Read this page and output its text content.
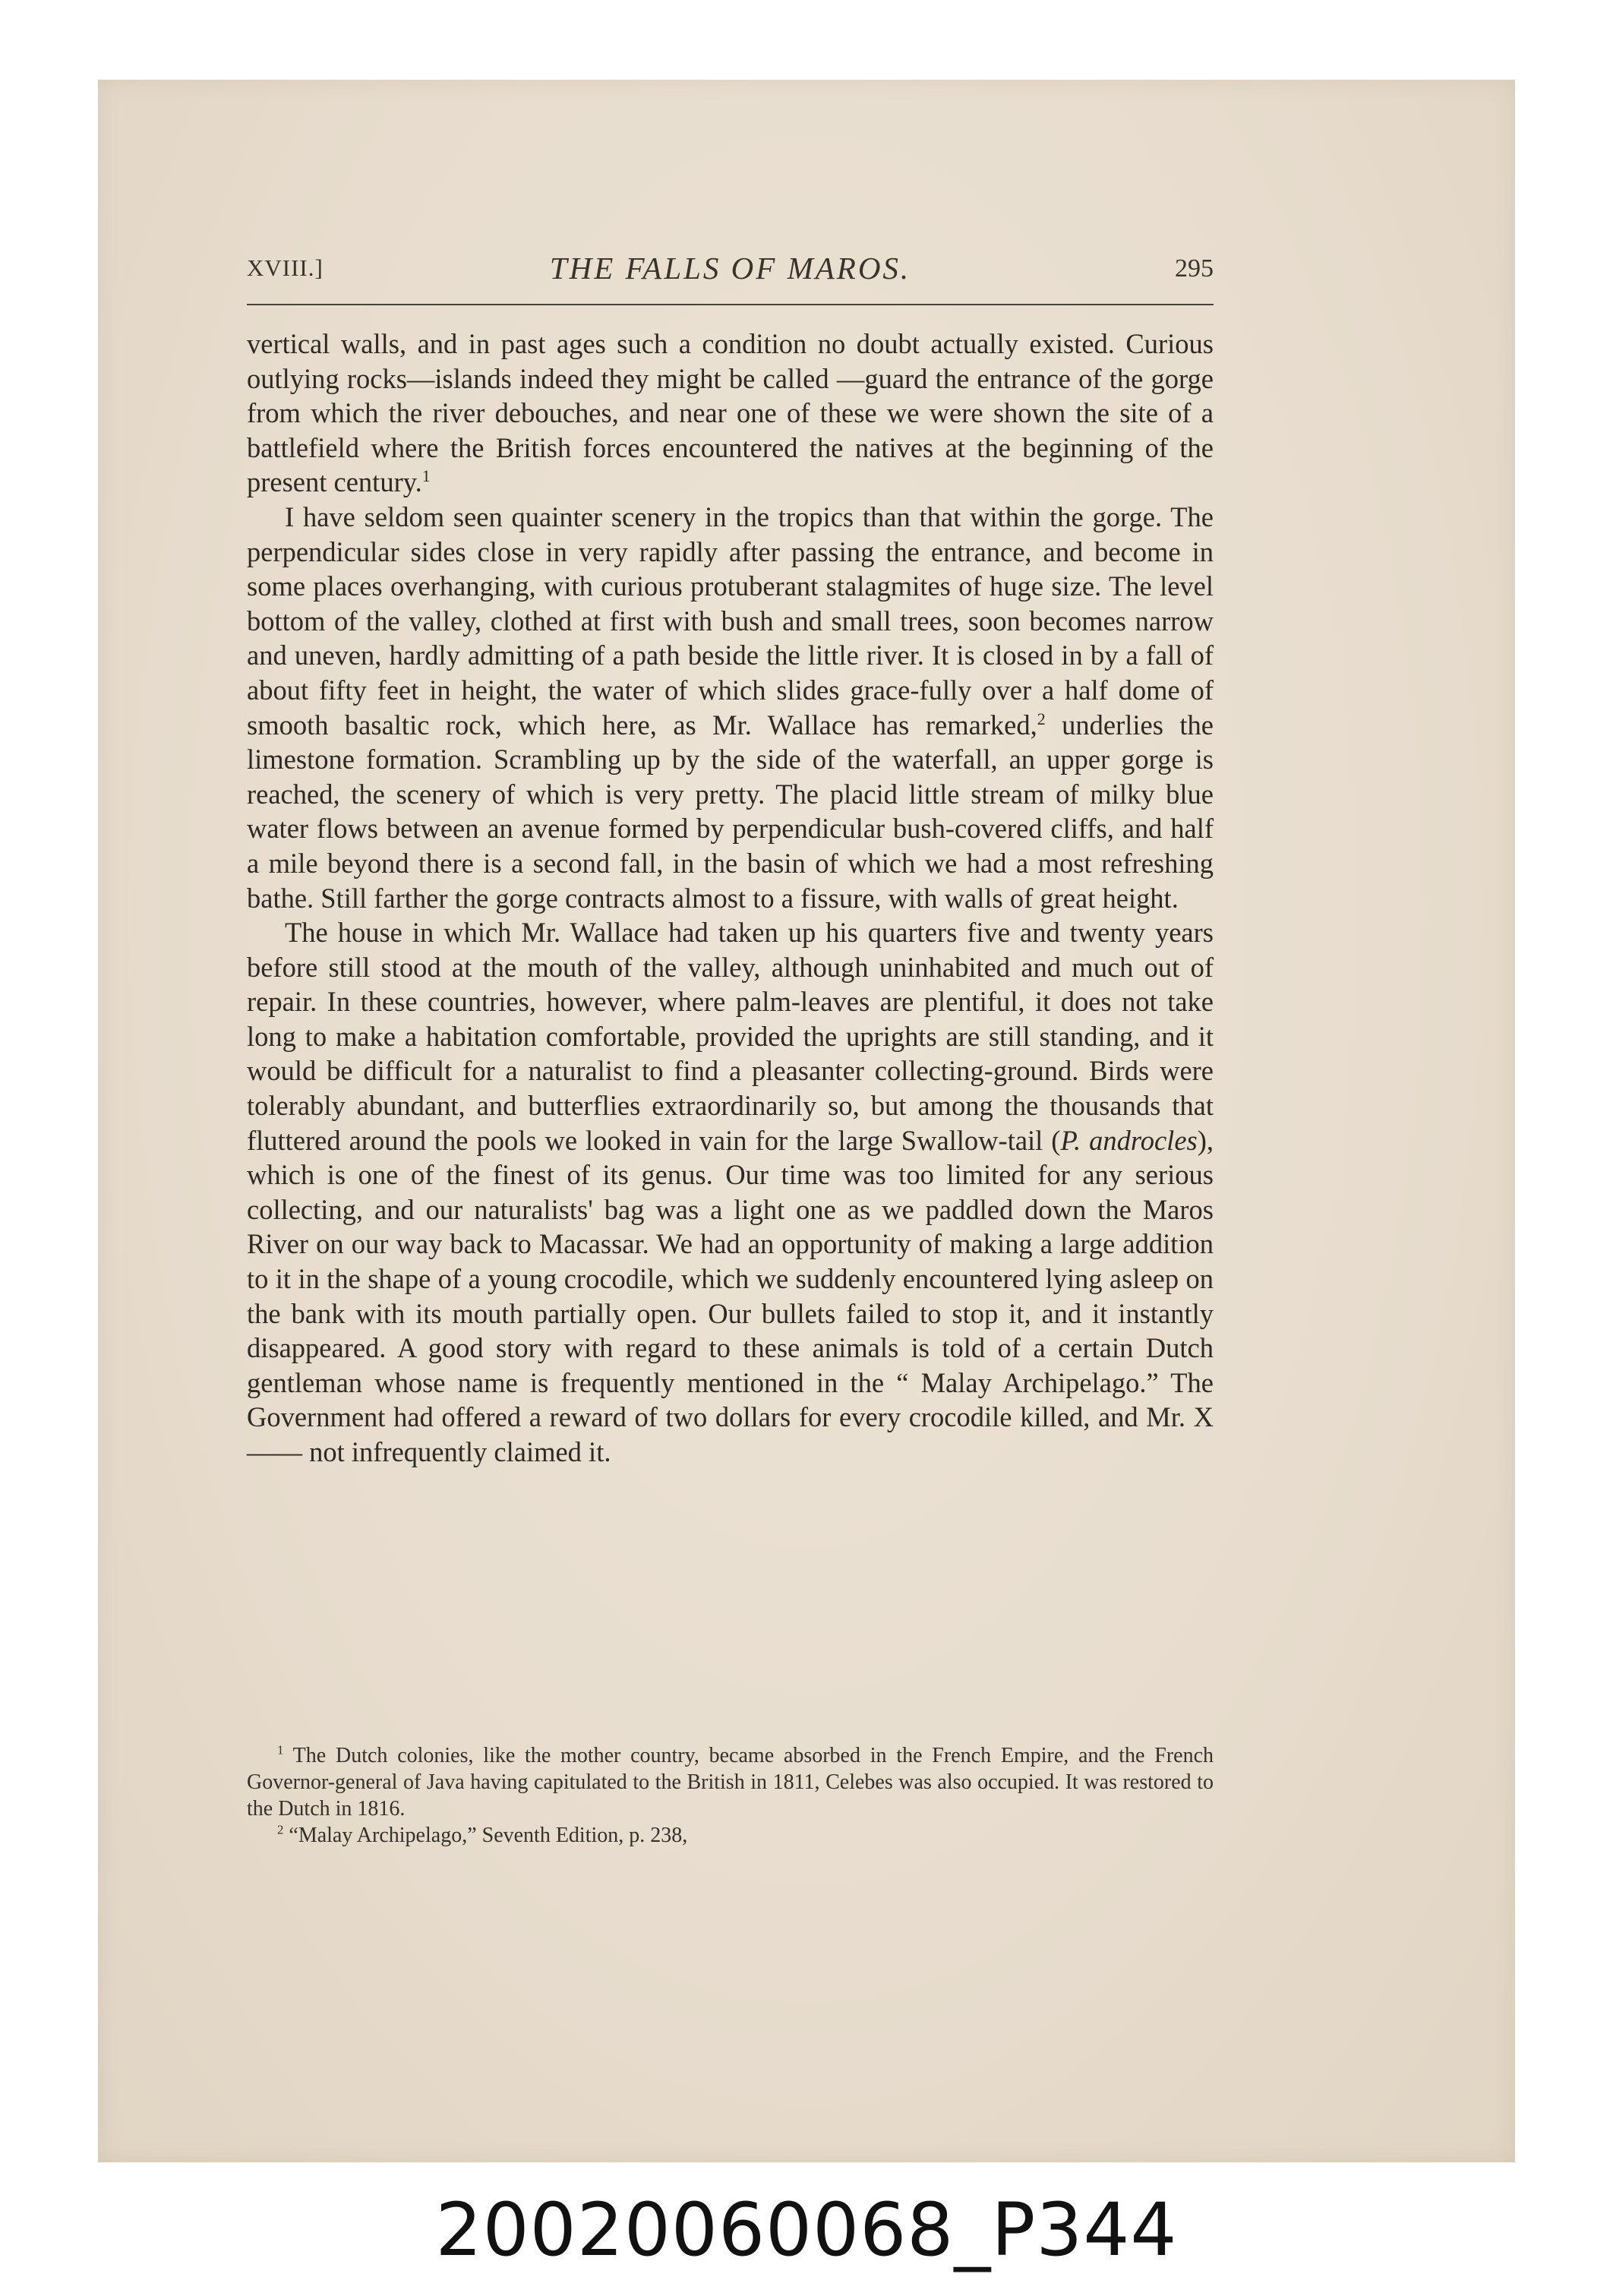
XVIII.]	THE FALLS OF MAROS.	295

vertical walls, and in past ages such a condition no doubt actually existed. Curious outlying rocks—islands indeed they might be called —guard the entrance of the gorge from which the river debouches, and near one of these we were shown the site of a battlefield where the British forces encountered the natives at the beginning of the present century.$^1$

I have seldom seen quainter scenery in the tropics than that within the gorge. The perpendicular sides close in very rapidly after passing the entrance, and become in some places overhanging, with curious protuberant stalagmites of huge size. The level bottom of the valley, clothed at first with bush and small trees, soon becomes narrow and uneven, hardly admitting of a path beside the little river. It is closed in by a fall of about fifty feet in height, the water of which slides grace-fully over a half dome of smooth basaltic rock, which here, as Mr. Wallace has remarked,$^2$ underlies the limestone formation. Scrambling up by the side of the waterfall, an upper gorge is reached, the scenery of which is very pretty. The placid little stream of milky blue water flows between an avenue formed by perpendicular bush-covered cliffs, and half a mile beyond there is a second fall, in the basin of which we had a most refreshing bathe. Still farther the gorge contracts almost to a fissure, with walls of great height.

The house in which Mr. Wallace had taken up his quarters five and twenty years before still stood at the mouth of the valley, although uninhabited and much out of repair. In these countries, however, where palm-leaves are plentiful, it does not take long to make a habitation comfortable, provided the uprights are still standing, and it would be difficult for a naturalist to find a pleasanter collecting-ground. Birds were tolerably abundant, and butterflies extraordinarily so, but among the thousands that fluttered around the pools we looked in vain for the large Swallow-tail (P. androcles), which is one of the finest of its genus. Our time was too limited for any serious collecting, and our naturalists' bag was a light one as we paddled down the Maros River on our way back to Macassar. We had an opportunity of making a large addition to it in the shape of a young crocodile, which we suddenly encountered lying asleep on the bank with its mouth partially open. Our bullets failed to stop it, and it instantly disappeared. A good story with regard to these animals is told of a certain Dutch gentleman whose name is frequently mentioned in the “ Malay Archipelago.” The Government had offered a reward of two dollars for every crocodile killed, and Mr. X—— not infrequently claimed it.

$^1$ The Dutch colonies, like the mother country, became absorbed in the French Empire, and the French Governor-general of Java having capitulated to the British in 1811, Celebes was also occupied. It was restored to the Dutch in 1816.

$^2$ “Malay Archipelago,” Seventh Edition, p. 238,

20020060068_P344
